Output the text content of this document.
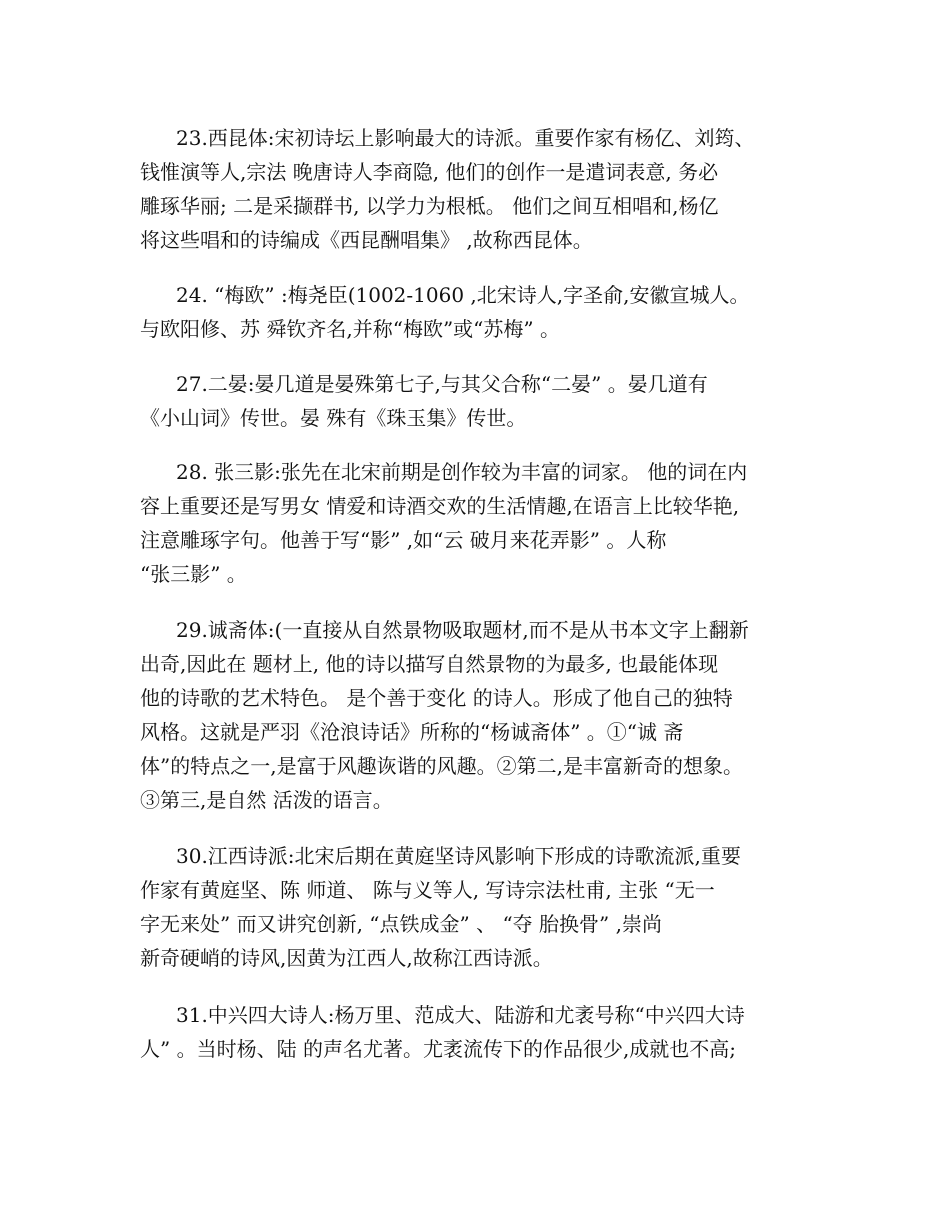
23.西昆体:宋初诗坛上影响最大的诗派。重要作家有杨亿、刘筠、
钱惟演等人,宗法 晚唐诗人李商隐, 他们的创作一是遣词表意, 务必
雕琢华丽; 二是采撷群书, 以学力为根柢。 他们之间互相唱和,杨亿
将这些唱和的诗编成《西昆酬唱集》 ,故称西昆体。
24. “梅欧” :梅尧臣(1002-1060 ,北宋诗人,字圣俞,安徽宣城人。
与欧阳修、苏 舜钦齐名,并称“梅欧”或“苏梅” 。
27.二晏:晏几道是晏殊第七子,与其父合称“二晏” 。晏几道有
《小山词》传世。晏 殊有《珠玉集》传世。
28. 张三影:张先在北宋前期是创作较为丰富的词家。 他的词在内
容上重要还是写男女 情爱和诗酒交欢的生活情趣,在语言上比较华艳,
注意雕琢字句。他善于写“影” ,如“云 破月来花弄影” 。人称
“张三影” 。
29.诚斋体:(一直接从自然景物吸取题材,而不是从书本文字上翻新
出奇,因此在 题材上, 他的诗以描写自然景物的为最多, 也最能体现
他的诗歌的艺术特色。 是个善于变化 的诗人。形成了他自己的独特
风格。这就是严羽《沧浪诗话》所称的“杨诚斋体” 。①“诚 斋
体”的特点之一,是富于风趣诙谐的风趣。②第二,是丰富新奇的想象。
③第三,是自然 活泼的语言。
30.江西诗派:北宋后期在黄庭坚诗风影响下形成的诗歌流派,重要
作家有黄庭坚、陈 师道、 陈与义等人, 写诗宗法杜甫, 主张 “无一
字无来处” 而又讲究创新, “点铁成金” 、 “夺 胎换骨” ,崇尚
新奇硬峭的诗风,因黄为江西人,故称江西诗派。
31.中兴四大诗人:杨万里、范成大、陆游和尤袤号称“中兴四大诗
人” 。当时杨、陆 的声名尤著。尤袤流传下的作品很少,成就也不高;
